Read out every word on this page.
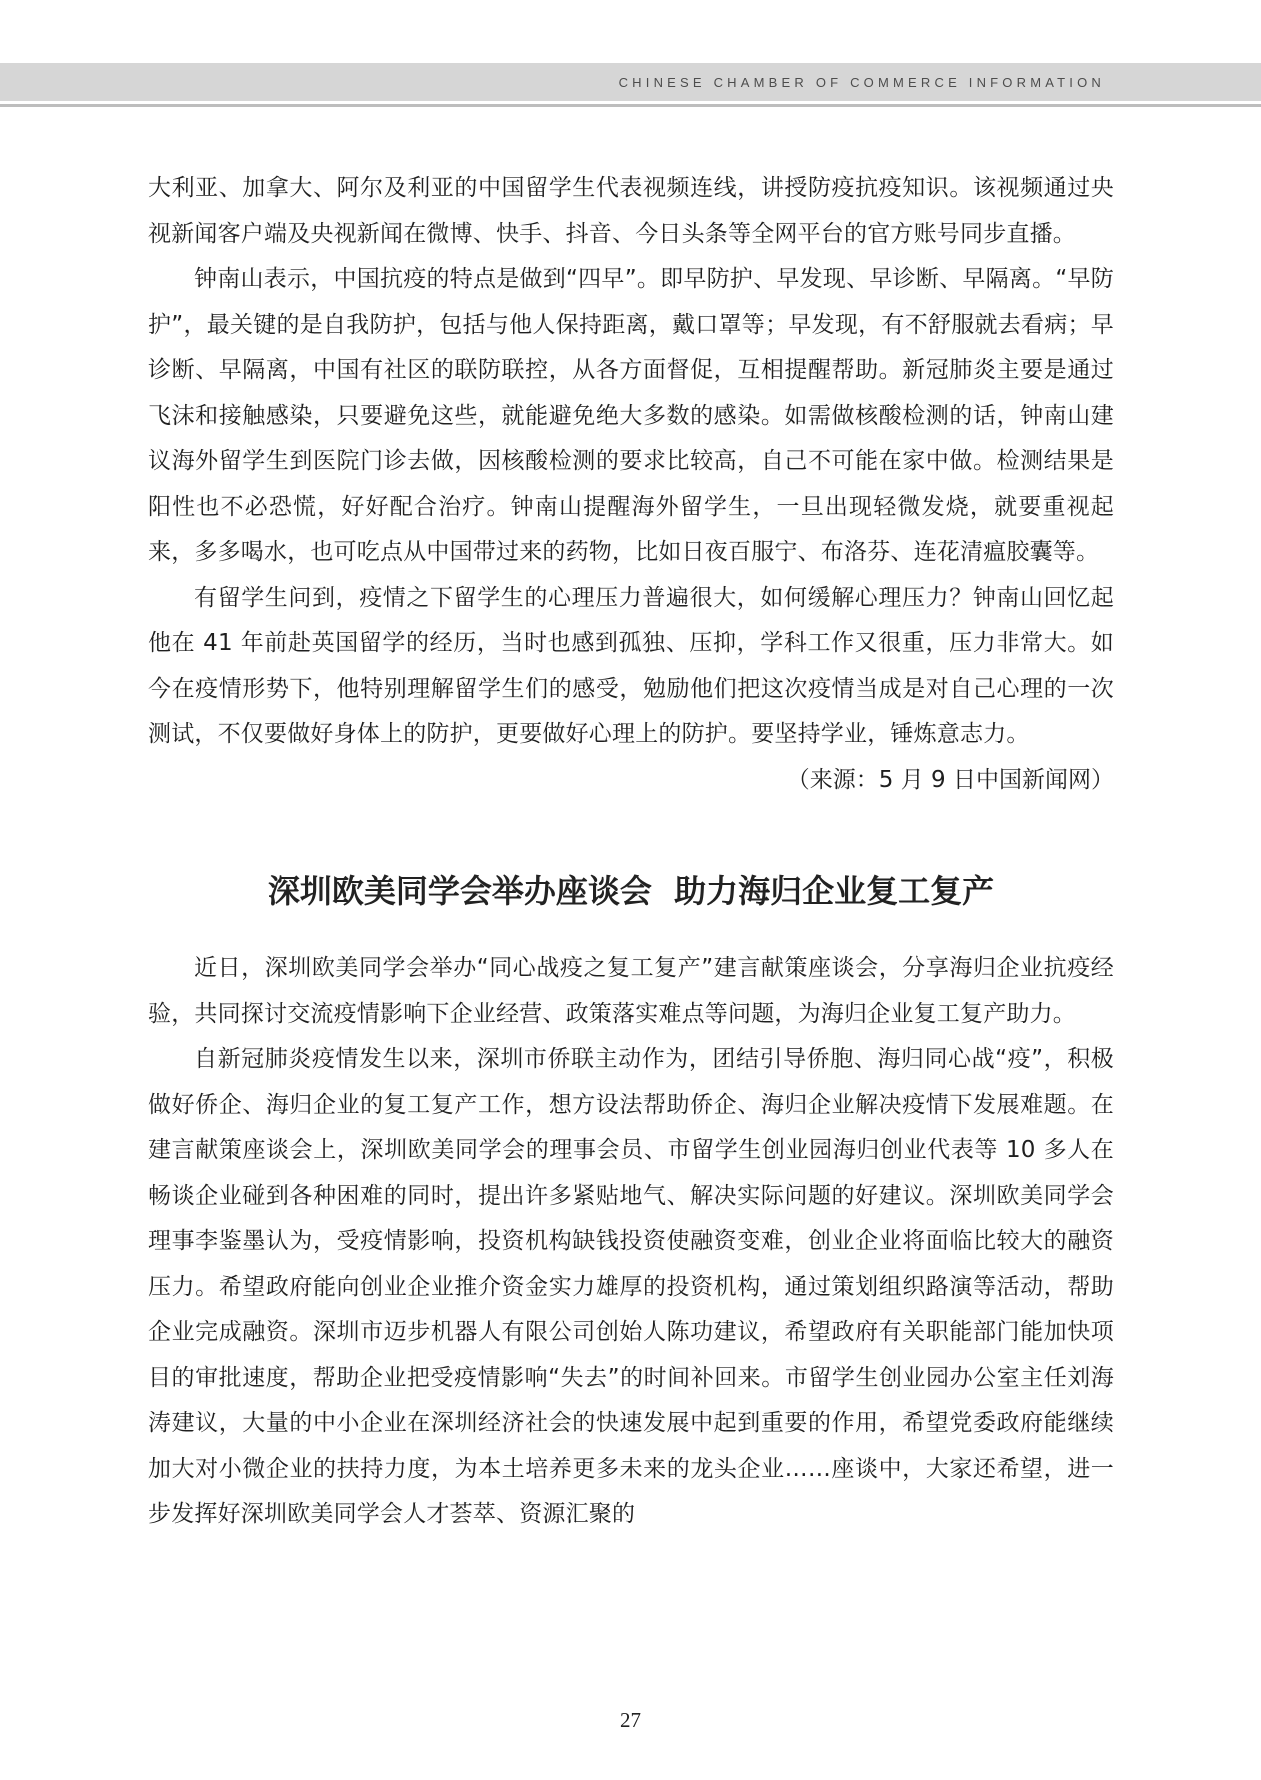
CHINESE CHAMBER OF COMMERCE INFORMATION

大利亚、加拿大、阿尔及利亚的中国留学生代表视频连线，讲授防疫抗疫知识。该视频通过央视新闻客户端及央视新闻在微博、快手、抖音、今日头条等全网平台的官方账号同步直播。

钟南山表示，中国抗疫的特点是做到“四早”。即早防护、早发现、早诊断、早隔离。“早防护”，最关键的是自我防护，包括与他人保持距离，戴口罩等；早发现，有不舒服就去看病；早诊断、早隔离，中国有社区的联防联控，从各方面督促，互相提醒帮助。新冠肺炎主要是通过飞沫和接触感染，只要避免这些，就能避免绝大多数的感染。如需做核酸检测的话，钟南山建议海外留学生到医院门诊去做，因核酸检测的要求比较高，自己不可能在家中做。检测结果是阳性也不必恐慌，好好配合治疗。钟南山提醒海外留学生，一旦出现轻微发烧，就要重视起来，多多喝水，也可吃点从中国带过来的药物，比如日夜百服宁、布洛芬、连花清瘟胶囊等。

有留学生问到，疫情之下留学生的心理压力普遍很大，如何缓解心理压力？钟南山回忆起他在 41 年前赴英国留学的经历，当时也感到孤独、压抑，学科工作又很重，压力非常大。如今在疫情形势下，他特别理解留学生们的感受，勉励他们把这次疫情当成是对自己心理的一次测试，不仅要做好身体上的防护，更要做好心理上的防护。要坚持学业，锤炼意志力。

（来源：5 月 9 日中国新闻网）

深圳欧美同学会举办座谈会  助力海归企业复工复产

近日，深圳欧美同学会举办“同心战疫之复工复产”建言献策座谈会，分享海归企业抗疫经验，共同探讨交流疫情影响下企业经营、政策落实难点等问题，为海归企业复工复产助力。

自新冠肺炎疫情发生以来，深圳市侨联主动作为，团结引导侨胞、海归同心战“疫”，积极做好侨企、海归企业的复工复产工作，想方设法帮助侨企、海归企业解决疫情下发展难题。在建言献策座谈会上，深圳欧美同学会的理事会员、市留学生创业园海归创业代表等 10 多人在畅谈企业碰到各种困难的同时，提出许多紧贴地气、解决实际问题的好建议。深圳欧美同学会理事李鉴墨认为，受疫情影响，投资机构缺钱投资使融资变难，创业企业将面临比较大的融资压力。希望政府能向创业企业推介资金实力雄厚的投资机构，通过策划组织路演等活动，帮助企业完成融资。深圳市迈步机器人有限公司创始人陈功建议，希望政府有关职能部门能加快项目的审批速度，帮助企业把受疫情影响“失去”的时间补回来。市留学生创业园办公室主任刘海涛建议，大量的中小企业在深圳经济社会的快速发展中起到重要的作用，希望党委政府能继续加大对小微企业的扶持力度，为本土培养更多未来的龙头企业……座谈中，大家还希望，进一步发挥好深圳欧美同学会人才荟萃、资源汇聚的

27
